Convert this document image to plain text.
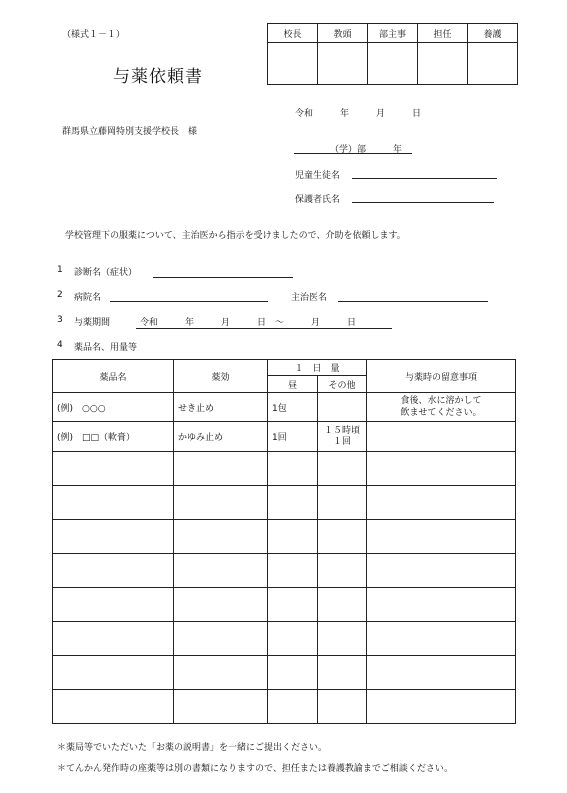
（様式１－１）
与薬依頼書
校長	教頭	部主事	担任	養護

令和　　　年　　　月　　　日
群馬県立藤岡特別支援学校長　様
（学）部　　　年
児童生徒名
保護者氏名
学校管理下の服薬について、主治医から指示を受けましたので、介助を依頼します。
1 診断名（症状）
2 病院名	主治医名
3 与薬期間	令和　　　年　　　月　　　日　～　　　月　　　日
4 薬品名、用量等
薬品名	薬効	１　日　量		与薬時の留意事項
		昼	その他	
(例)　○○○	せき止め	1包		食後、水に溶かして
飲ませてください。

(例)　□□（軟膏）	かゆみ止め	1回	１５時頃
１回	

＊薬局等でいただいた「お薬の説明書」を一緒にご提出ください。
＊てんかん発作時の座薬等は別の書類になりますので、担任または養護教諭までご相談ください。
